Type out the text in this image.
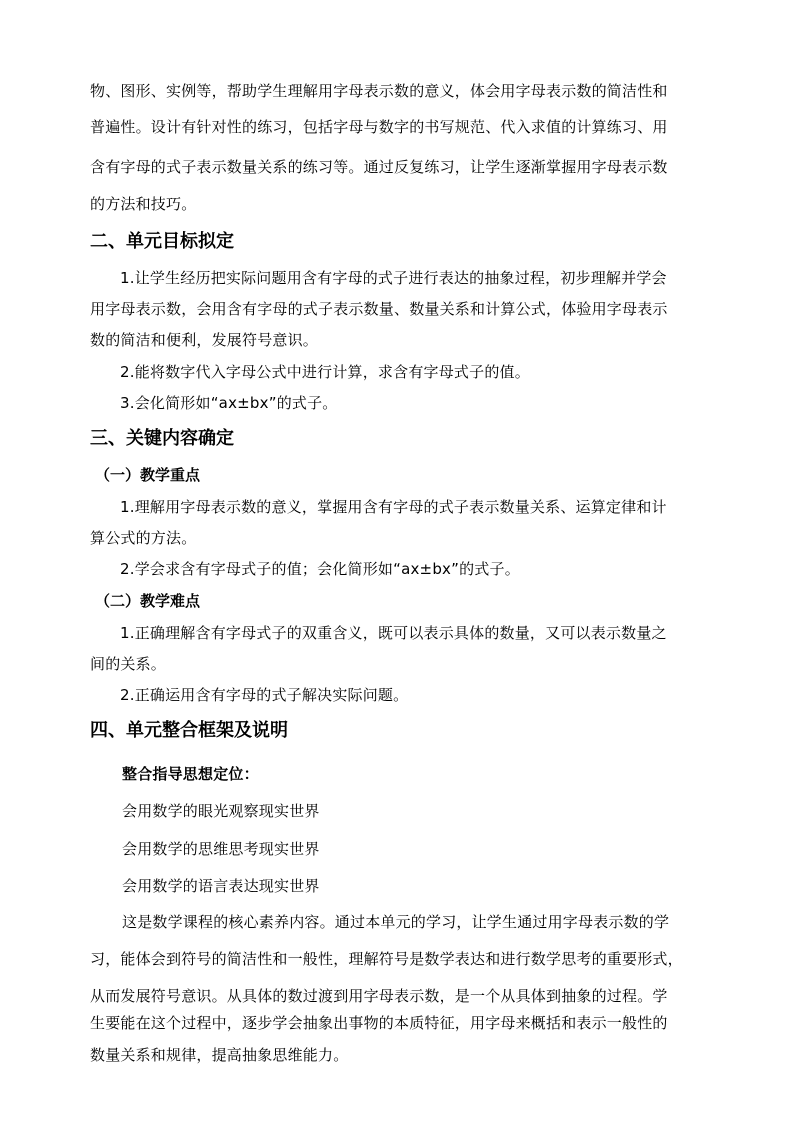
物、图形、实例等，帮助学生理解用字母表示数的意义，体会用字母表示数的简洁性和
普遍性。设计有针对性的练习，包括字母与数字的书写规范、代入求值的计算练习、用
含有字母的式子表示数量关系的练习等。通过反复练习，让学生逐渐掌握用字母表示数
的方法和技巧。
二、单元目标拟定
1.让学生经历把实际问题用含有字母的式子进行表达的抽象过程，初步理解并学会
用字母表示数，会用含有字母的式子表示数量、数量关系和计算公式，体验用字母表示
数的简洁和便利，发展符号意识。
2.能将数字代入字母公式中进行计算，求含有字母式子的值。
3.会化简形如“ax±bx”的式子。
三、关键内容确定
（一）教学重点
1.理解用字母表示数的意义，掌握用含有字母的式子表示数量关系、运算定律和计
算公式的方法。
2.学会求含有字母式子的值；会化简形如“ax±bx”的式子。
（二）教学难点
1.正确理解含有字母式子的双重含义，既可以表示具体的数量，又可以表示数量之
间的关系。
2.正确运用含有字母的式子解决实际问题。
四、单元整合框架及说明
整合指导思想定位：
会用数学的眼光观察现实世界
会用数学的思维思考现实世界
会用数学的语言表达现实世界
这是数学课程的核心素养内容。通过本单元的学习，让学生通过用字母表示数的学
习，能体会到符号的简洁性和一般性，理解符号是数学表达和进行数学思考的重要形式，
从而发展符号意识。从具体的数过渡到用字母表示数，是一个从具体到抽象的过程。学
生要能在这个过程中，逐步学会抽象出事物的本质特征，用字母来概括和表示一般性的
数量关系和规律，提高抽象思维能力。
